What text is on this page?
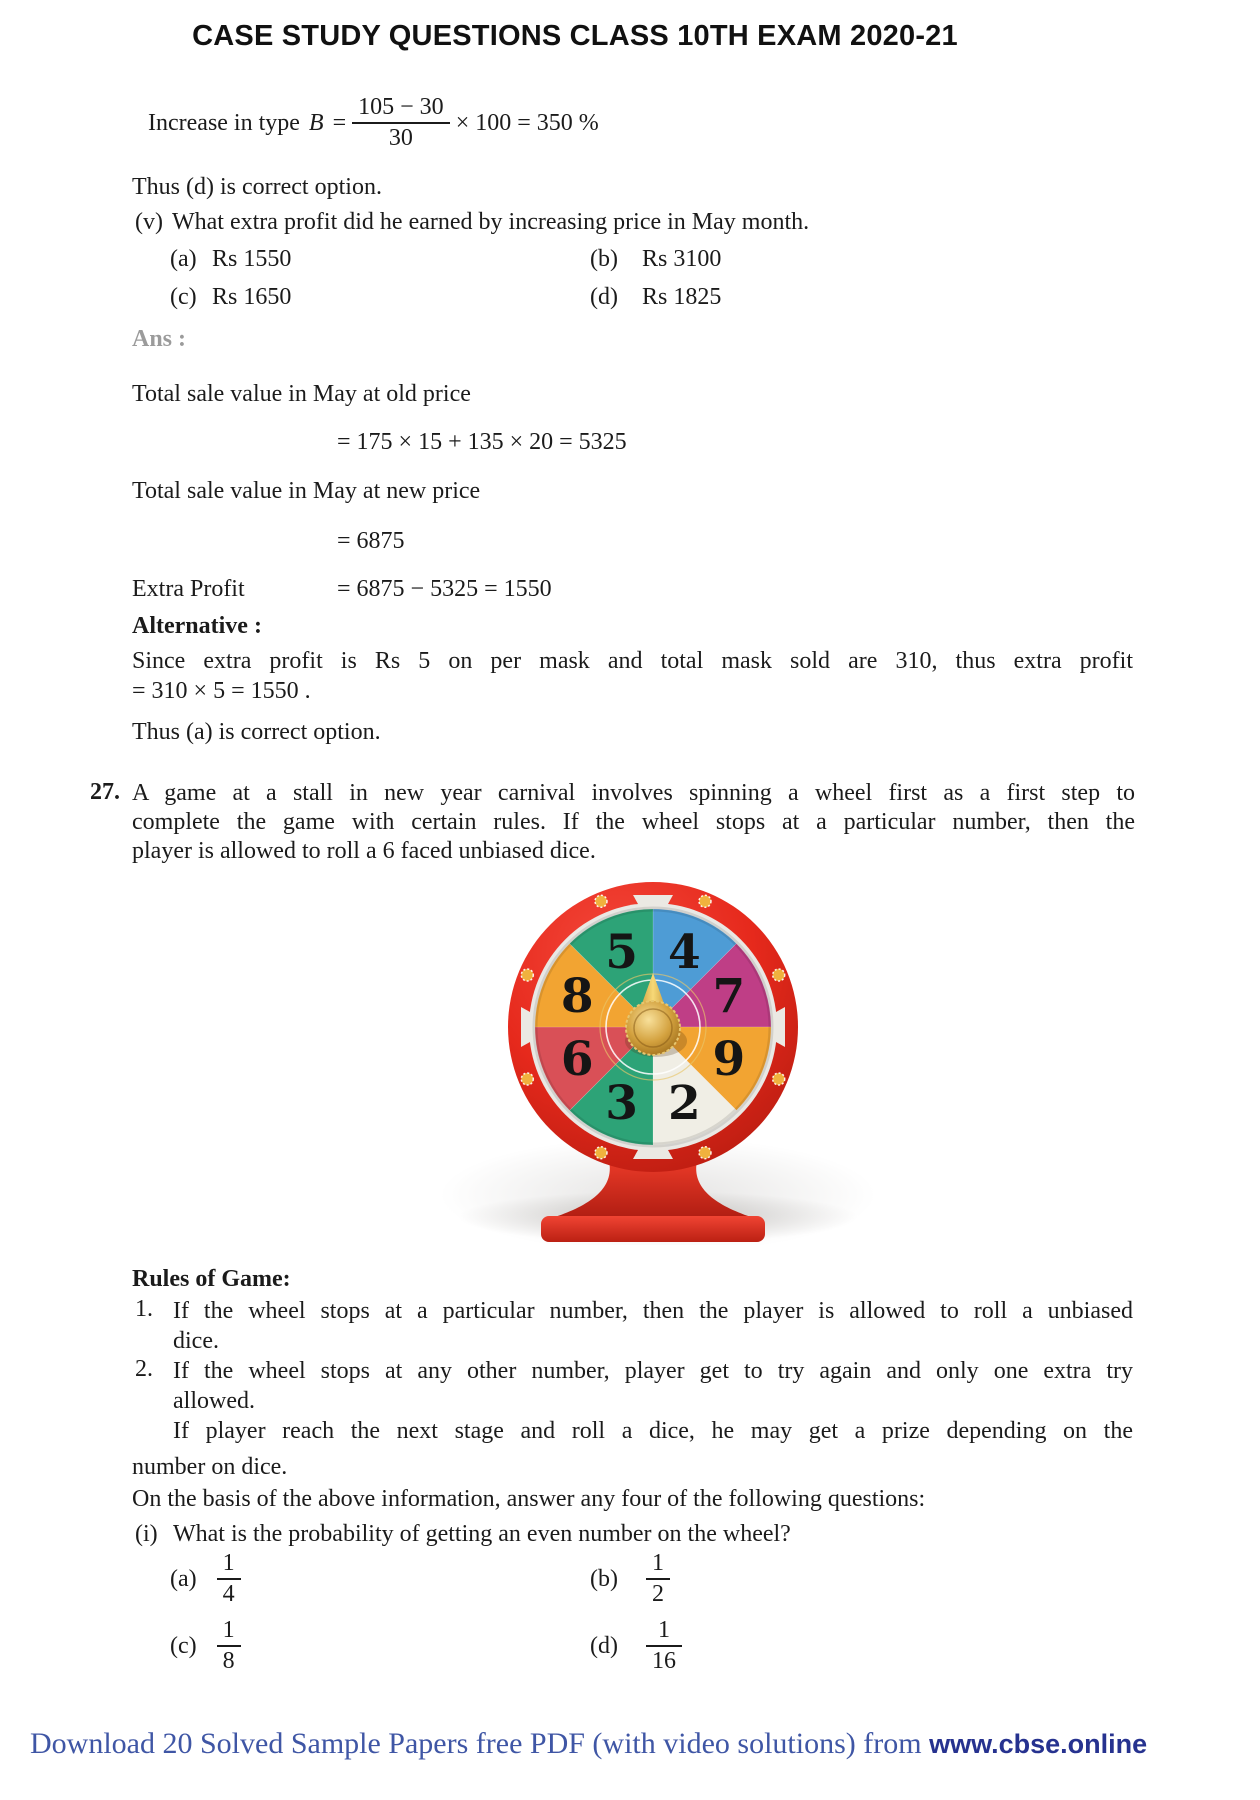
CASE STUDY QUESTIONS CLASS 10TH EXAM 2020-21
Increase in type $B = \frac{105 - 30}{30} \times 100 = 350$ %
Thus (d) is correct option.
(v) What extra profit did he earned by increasing price in May month.
(a) Rs 1550	(b) Rs 3100
(c) Rs 1650	(d) Rs 1825
Ans :
Total sale value in May at old price
= 175 × 15 + 135 × 20 = 5325
Total sale value in May at new price
= 6875
Extra Profit	= 6875 − 5325 = 1550
Alternative :
Since extra profit is Rs 5 on per mask and total mask sold are 310, thus extra profit
= 310 × 5 = 1550 .
Thus (a) is correct option.
27. A game at a stall in new year carnival involves spinning a wheel first as a first step to
complete the game with certain rules. If the wheel stops at a particular number, then the
player is allowed to roll a 6 faced unbiased dice.
4
7
9
2
3
6
8
5
Rules of Game:
1. If the wheel stops at a particular number, then the player is allowed to roll a unbiased
dice.
2. If the wheel stops at any other number, player get to try again and only one extra try
allowed.
If player reach the next stage and roll a dice, he may get a prize depending on the
number on dice.
On the basis of the above information, answer any four of the following questions:
(i) What is the probability of getting an even number on the wheel?
$(a) \frac{1}{4}$	$(b) \frac{1}{2}$
$(c) \frac{1}{8}$	$(d) \frac{1}{16}$
Download 20 Solved Sample Papers free PDF (with video solutions) from www.cbse.online
